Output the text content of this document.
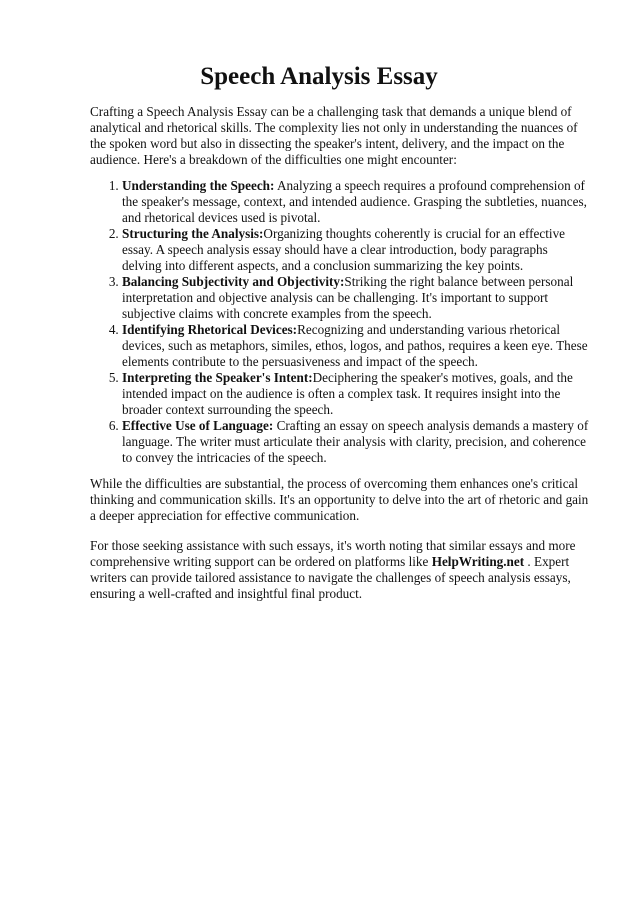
Speech Analysis Essay

Crafting a Speech Analysis Essay can be a challenging task that demands a unique blend of analytical and rhetorical skills. The complexity lies not only in understanding the nuances of the spoken word but also in dissecting the speaker's intent, delivery, and the impact on the audience. Here's a breakdown of the difficulties one might encounter:

1. Understanding the Speech: Analyzing a speech requires a profound comprehension of the speaker's message, context, and intended audience. Grasping the subtleties, nuances, and rhetorical devices used is pivotal.
2. Structuring the Analysis:Organizing thoughts coherently is crucial for an effective essay. A speech analysis essay should have a clear introduction, body paragraphs delving into different aspects, and a conclusion summarizing the key points.
3. Balancing Subjectivity and Objectivity:Striking the right balance between personal interpretation and objective analysis can be challenging. It's important to support subjective claims with concrete examples from the speech.
4. Identifying Rhetorical Devices:Recognizing and understanding various rhetorical devices, such as metaphors, similes, ethos, logos, and pathos, requires a keen eye. These elements contribute to the persuasiveness and impact of the speech.
5. Interpreting the Speaker's Intent:Deciphering the speaker's motives, goals, and the intended impact on the audience is often a complex task. It requires insight into the broader context surrounding the speech.
6. Effective Use of Language: Crafting an essay on speech analysis demands a mastery of language. The writer must articulate their analysis with clarity, precision, and coherence to convey the intricacies of the speech.

While the difficulties are substantial, the process of overcoming them enhances one's critical thinking and communication skills. It's an opportunity to delve into the art of rhetoric and gain a deeper appreciation for effective communication.

For those seeking assistance with such essays, it's worth noting that similar essays and more comprehensive writing support can be ordered on platforms like HelpWriting.net . Expert writers can provide tailored assistance to navigate the challenges of speech analysis essays, ensuring a well-crafted and insightful final product.
